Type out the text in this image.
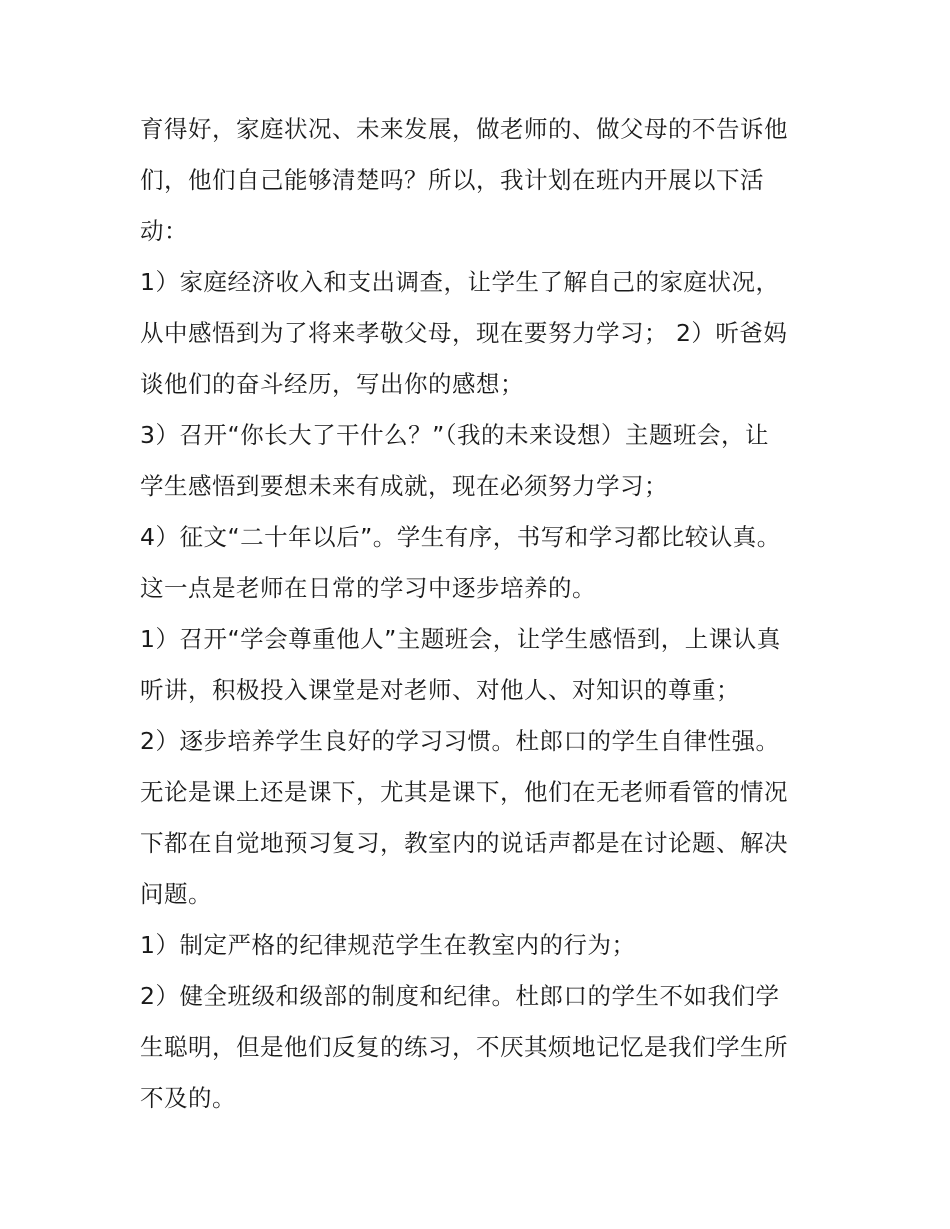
育得好，家庭状况、未来发展，做老师的、做父母的不告诉他
们，他们自己能够清楚吗？所以，我计划在班内开展以下活
动：
1）家庭经济收入和支出调查，让学生了解自己的家庭状况，
从中感悟到为了将来孝敬父母，现在要努力学习； 2）听爸妈
谈他们的奋斗经历，写出你的感想；
3）召开“你长大了干什么？”（我的未来设想）主题班会，让
学生感悟到要想未来有成就，现在必须努力学习；
4）征文“二十年以后”。学生有序，书写和学习都比较认真。
这一点是老师在日常的学习中逐步培养的。
1）召开“学会尊重他人”主题班会，让学生感悟到，上课认真
听讲，积极投入课堂是对老师、对他人、对知识的尊重；
2）逐步培养学生良好的学习习惯。杜郎口的学生自律性强。
无论是课上还是课下，尤其是课下，他们在无老师看管的情况
下都在自觉地预习复习，教室内的说话声都是在讨论题、解决
问题。
1）制定严格的纪律规范学生在教室内的行为；
2）健全班级和级部的制度和纪律。杜郎口的学生不如我们学
生聪明，但是他们反复的练习，不厌其烦地记忆是我们学生所
不及的。
